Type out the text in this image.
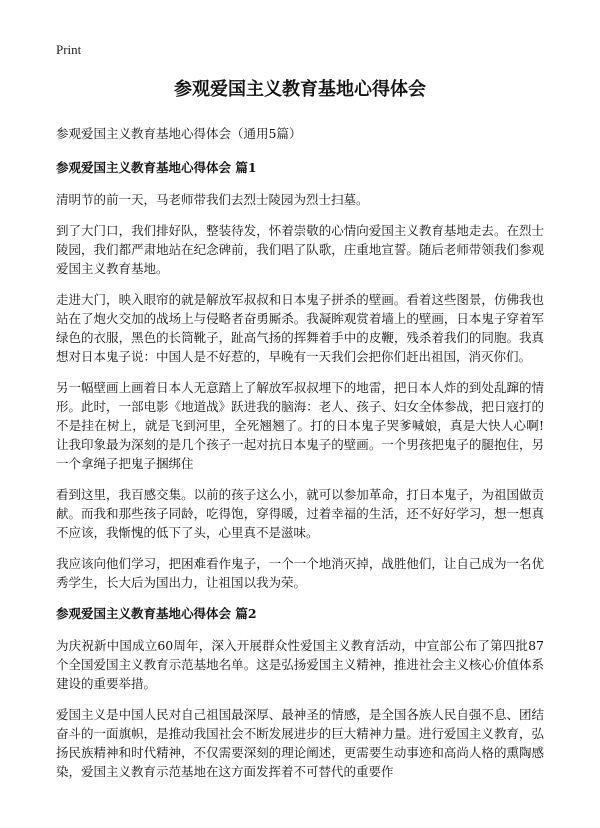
Print
参观爱国主义教育基地心得体会
参观爱国主义教育基地心得体会（通用5篇）
参观爱国主义教育基地心得体会 篇1

清明节的前一天，马老师带我们去烈士陵园为烈士扫墓。

到了大门口，我们排好队，整装待发，怀着崇敬的心情向爱国主义教育基地走去。在烈士陵园，我们都严肃地站在纪念碑前，我们唱了队歌，庄重地宣誓。随后老师带领我们参观爱国主义教育基地。

走进大门，映入眼帘的就是解放军叔叔和日本鬼子拼杀的壁画。看着这些图景，仿佛我也站在了炮火交加的战场上与侵略者奋勇厮杀。我凝眸观赏着墙上的壁画，日本鬼子穿着军绿色的衣服，黑色的长筒靴子，趾高气扬的挥舞着手中的皮鞭，残杀着我们的同胞。我真想对日本鬼子说：中国人是不好惹的，早晚有一天我们会把你们赶出祖国，消灭你们。

另一幅壁画上画着日本人无意踏上了解放军叔叔埋下的地雷，把日本人炸的到处乱蹿的情形。此时，一部电影《地道战》跃进我的脑海：老人、孩子、妇女全体参战，把日寇打的不是挂在树上，就是飞到河里，全死翘翘了。打的日本鬼子哭爹喊娘，真是大快人心啊!让我印象最为深刻的是几个孩子一起对抗日本鬼子的壁画。一个男孩把鬼子的腿抱住，另一个拿绳子把鬼子捆绑住

看到这里，我百感交集。以前的孩子这么小，就可以参加革命，打日本鬼子，为祖国做贡献。而我和那些孩子同龄，吃得饱，穿得暖，过着幸福的生活，还不好好学习，想一想真不应该，我惭愧的低下了头，心里真不是滋味。

我应该向他们学习，把困难看作鬼子，一个一个地消灭掉，战胜他们，让自己成为一名优秀学生，长大后为国出力，让祖国以我为荣。

参观爱国主义教育基地心得体会 篇2

为庆祝新中国成立60周年，深入开展群众性爱国主义教育活动，中宣部公布了第四批87个全国爱国主义教育示范基地名单。这是弘扬爱国主义精神，推进社会主义核心价值体系建设的重要举措。

爱国主义是中国人民对自己祖国最深厚、最神圣的情感，是全国各族人民自强不息、团结奋斗的一面旗帜，是推动我国社会不断发展进步的巨大精神力量。进行爱国主义教育，弘扬民族精神和时代精神，不仅需要深刻的理论阐述，更需要生动事迹和高尚人格的熏陶感染，爱国主义教育示范基地在这方面发挥着不可替代的重要作
